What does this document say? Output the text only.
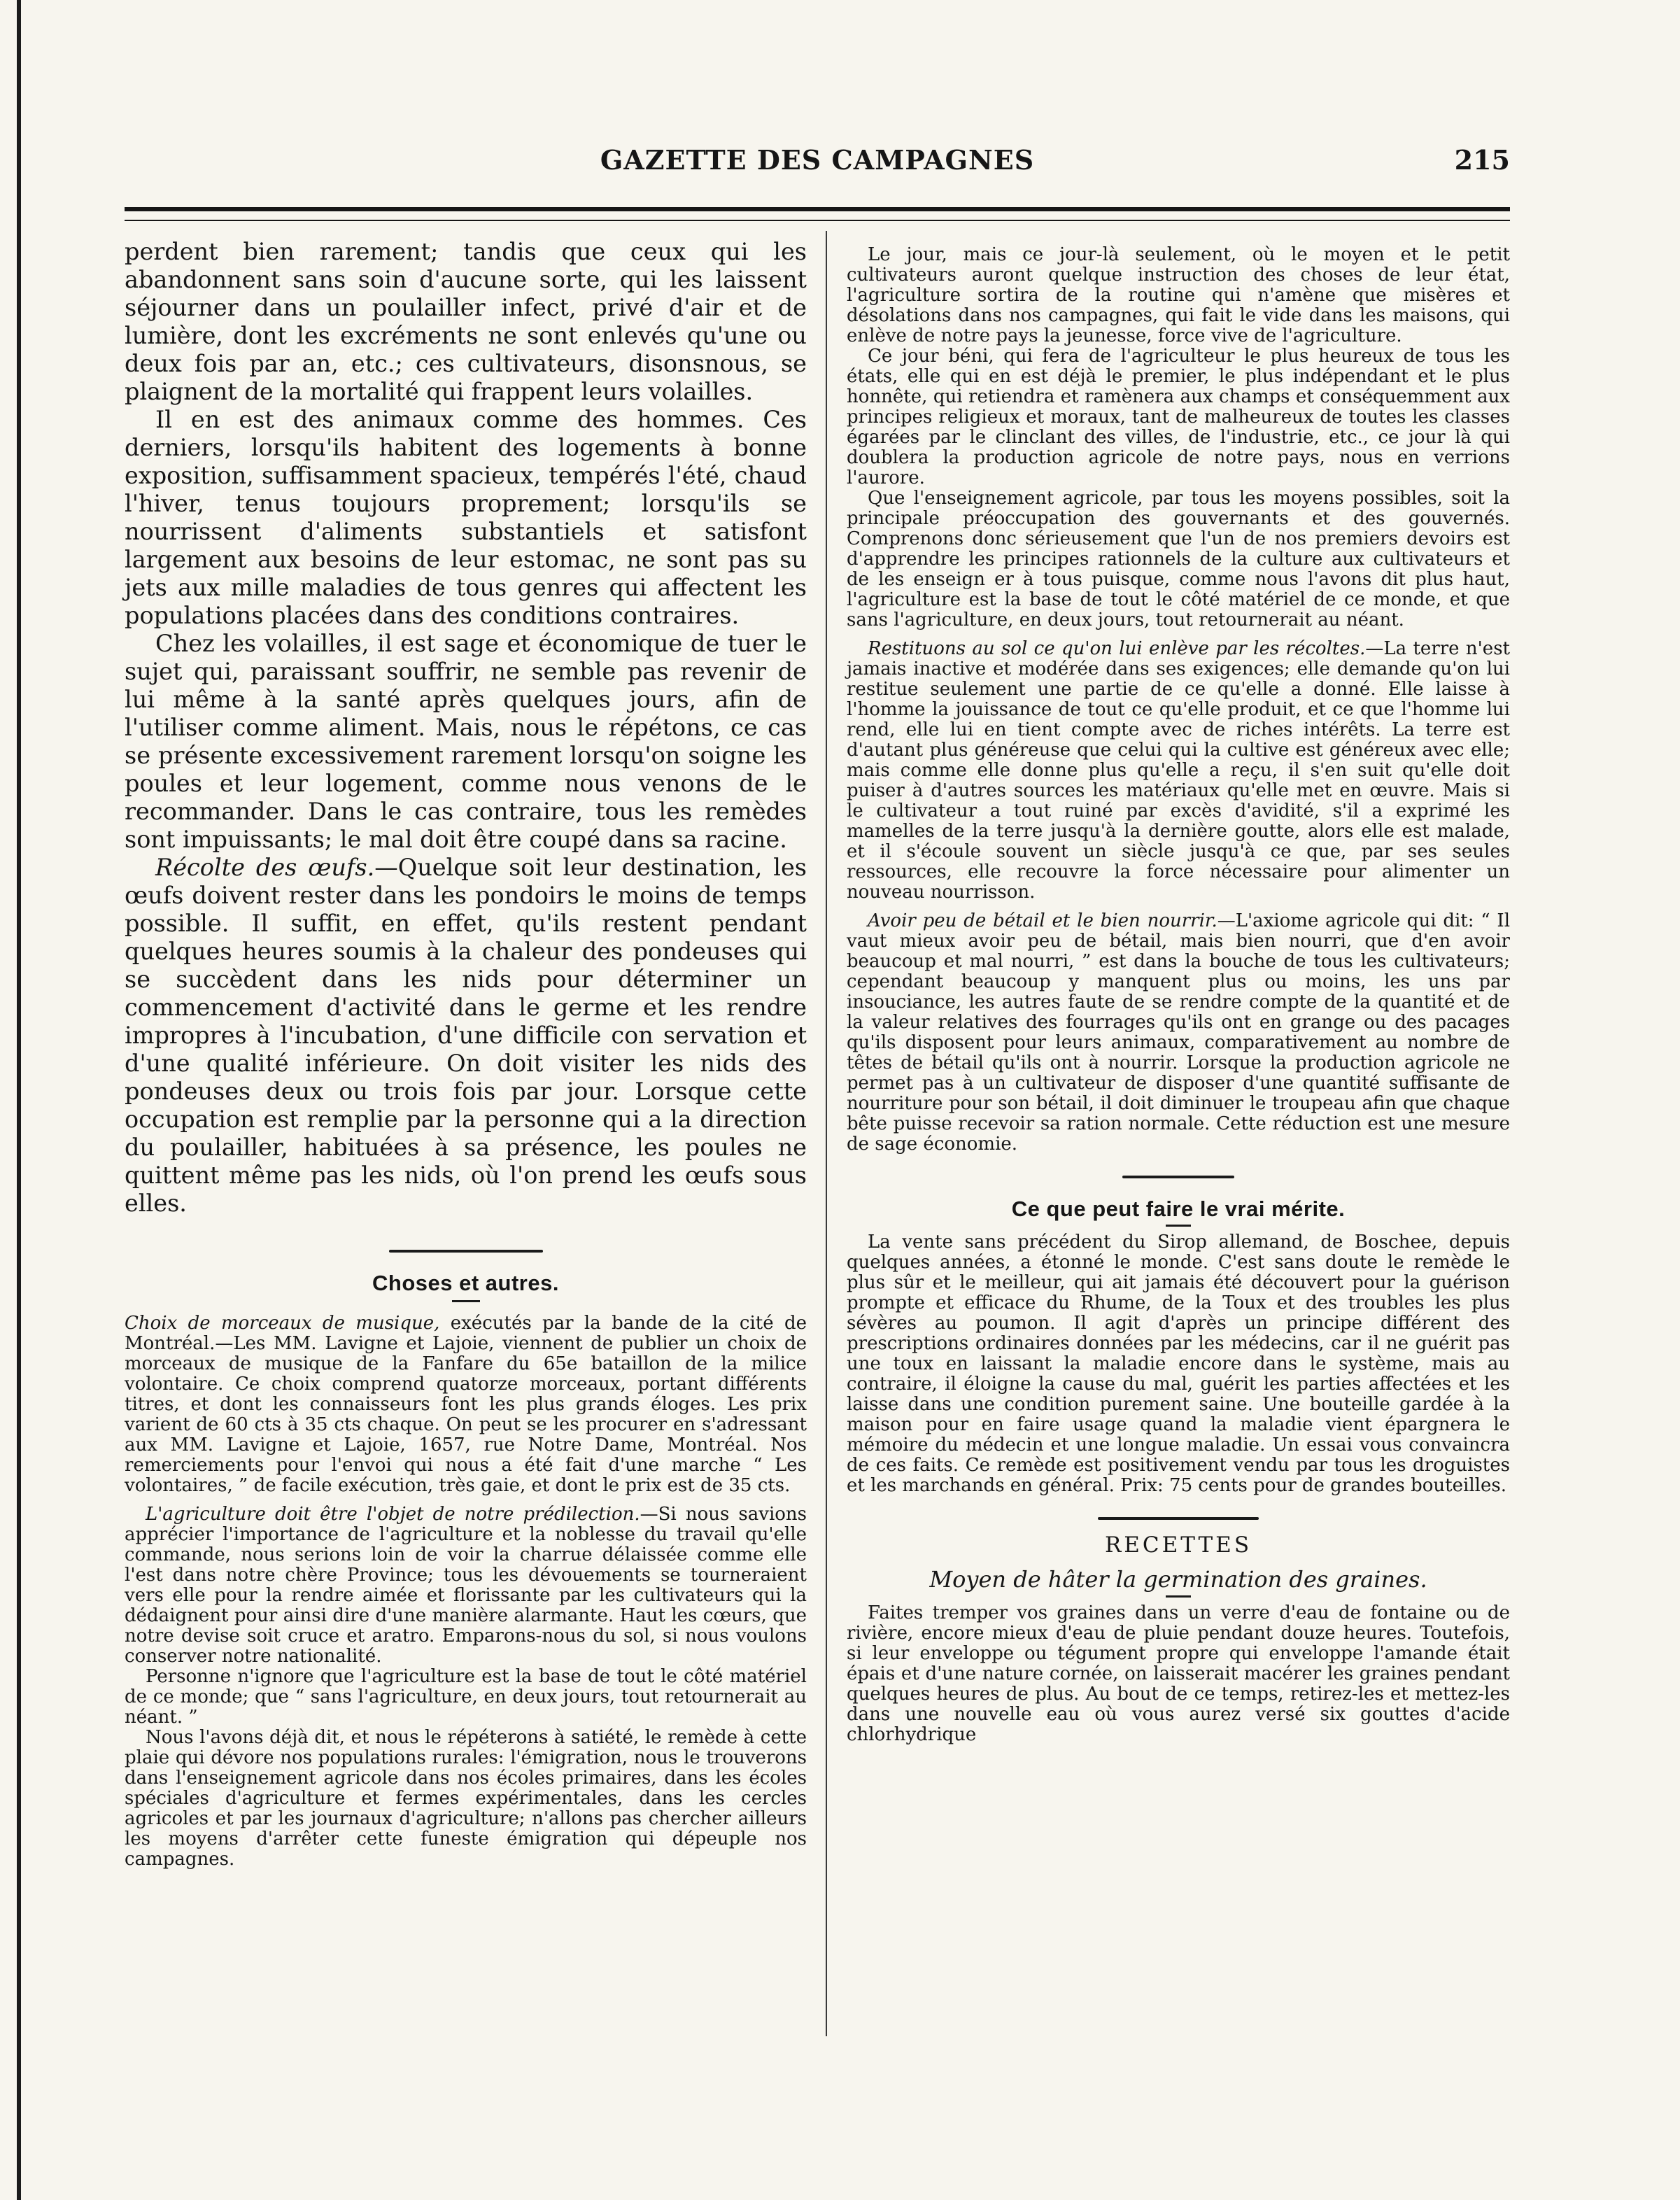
GAZETTE DES CAMPAGNES	215

perdent bien rarement; tandis que ceux qui les abandonnent sans soin d'aucune sorte, qui les laissent séjourner dans un poulailler infect, privé d'air et de lumière, dont les excréments ne sont enlevés qu'une ou deux fois par an, etc.; ces cultivateurs, disonsnous, se plaignent de la mortalité qui frappent leurs volailles.

Il en est des animaux comme des hommes. Ces derniers, lorsqu'ils habitent des logements à bonne exposition, suffisamment spacieux, tempérés l'été, chaud l'hiver, tenus toujours proprement; lorsqu'ils se nourrissent d'aliments substantiels et satisfont largement aux besoins de leur estomac, ne sont pas su jets aux mille maladies de tous genres qui affectent les populations placées dans des conditions contraires.

Chez les volailles, il est sage et économique de tuer le sujet qui, paraissant souffrir, ne semble pas revenir de lui même à la santé après quelques jours, afin de l'utiliser comme aliment. Mais, nous le répétons, ce cas se présente excessivement rarement lorsqu'on soigne les poules et leur logement, comme nous venons de le recommander. Dans le cas contraire, tous les remèdes sont impuissants; le mal doit être coupé dans sa racine.

Récolte des œufs.—Quelque soit leur destination, les œufs doivent rester dans les pondoirs le moins de temps possible. Il suffit, en effet, qu'ils restent pendant quelques heures soumis à la chaleur des pondeuses qui se succèdent dans les nids pour déterminer un commencement d'activité dans le germe et les rendre impropres à l'incubation, d'une difficile con servation et d'une qualité inférieure. On doit visiter les nids des pondeuses deux ou trois fois par jour. Lorsque cette occupation est remplie par la personne qui a la direction du poulailler, habituées à sa présence, les poules ne quittent même pas les nids, où l'on prend les œufs sous elles.

Choses et autres.

Choix de morceaux de musique, exécutés par la bande de la cité de Montréal.—Les MM. Lavigne et Lajoie, viennent de publier un choix de morceaux de musique de la Fanfare du 65e bataillon de la milice volontaire. Ce choix comprend quatorze morceaux, portant différents titres, et dont les connaisseurs font les plus grands éloges. Les prix varient de 60 cts à 35 cts chaque. On peut se les procurer en s'adressant aux MM. Lavigne et Lajoie, 1657, rue Notre Dame, Montréal. Nos remerciements pour l'envoi qui nous a été fait d'une marche “ Les volontaires, ” de facile exécution, très gaie, et dont le prix est de 35 cts.

L'agriculture doit être l'objet de notre prédilection.—Si nous savions apprécier l'importance de l'agriculture et la noblesse du travail qu'elle commande, nous serions loin de voir la charrue délaissée comme elle l'est dans notre chère Province; tous les dévouements se tourneraient vers elle pour la rendre aimée et florissante par les cultivateurs qui la dédaignent pour ainsi dire d'une manière alarmante. Haut les cœurs, que notre devise soit cruce et aratro. Emparons-nous du sol, si nous voulons conserver notre nationalité.

Personne n'ignore que l'agriculture est la base de tout le côté matériel de ce monde; que “ sans l'agriculture, en deux jours, tout retournerait au néant. ”

Nous l'avons déjà dit, et nous le répéterons à satiété, le remède à cette plaie qui dévore nos populations rurales: l'émigration, nous le trouverons dans l'enseignement agricole dans nos écoles primaires, dans les écoles spéciales d'agriculture et fermes expérimentales, dans les cercles agricoles et par les journaux d'agriculture; n'allons pas chercher ailleurs les moyens d'arrêter cette funeste émigration qui dépeuple nos campagnes.

Le jour, mais ce jour-là seulement, où le moyen et le petit cultivateurs auront quelque instruction des choses de leur état, l'agriculture sortira de la routine qui n'amène que misères et désolations dans nos campagnes, qui fait le vide dans les maisons, qui enlève de notre pays la jeunesse, force vive de l'agriculture.

Ce jour béni, qui fera de l'agriculteur le plus heureux de tous les états, elle qui en est déjà le premier, le plus indépendant et le plus honnête, qui retiendra et ramènera aux champs et conséquemment aux principes religieux et moraux, tant de malheureux de toutes les classes égarées par le clinclant des villes, de l'industrie, etc., ce jour là qui doublera la production agricole de notre pays, nous en verrions l'aurore.

Que l'enseignement agricole, par tous les moyens possibles, soit la principale préoccupation des gouvernants et des gouvernés. Comprenons donc sérieusement que l'un de nos premiers devoirs est d'apprendre les principes rationnels de la culture aux cultivateurs et de les enseign er à tous puisque, comme nous l'avons dit plus haut, l'agriculture est la base de tout le côté matériel de ce monde, et que sans l'agriculture, en deux jours, tout retournerait au néant.

Restituons au sol ce qu'on lui enlève par les récoltes.—La terre n'est jamais inactive et modérée dans ses exigences; elle demande qu'on lui restitue seulement une partie de ce qu'elle a donné. Elle laisse à l'homme la jouissance de tout ce qu'elle produit, et ce que l'homme lui rend, elle lui en tient compte avec de riches intérêts. La terre est d'autant plus généreuse que celui qui la cultive est généreux avec elle; mais comme elle donne plus qu'elle a reçu, il s'en suit qu'elle doit puiser à d'autres sources les matériaux qu'elle met en œuvre. Mais si le cultivateur a tout ruiné par excès d'avidité, s'il a exprimé les mamelles de la terre jusqu'à la dernière goutte, alors elle est malade, et il s'écoule souvent un siècle jusqu'à ce que, par ses seules ressources, elle recouvre la force nécessaire pour alimenter un nouveau nourrisson.

Avoir peu de bétail et le bien nourrir.—L'axiome agricole qui dit: “ Il vaut mieux avoir peu de bétail, mais bien nourri, que d'en avoir beaucoup et mal nourri, ” est dans la bouche de tous les cultivateurs; cependant beaucoup y manquent plus ou moins, les uns par insouciance, les autres faute de se rendre compte de la quantité et de la valeur relatives des fourrages qu'ils ont en grange ou des pacages qu'ils disposent pour leurs animaux, comparativement au nombre de têtes de bétail qu'ils ont à nourrir. Lorsque la production agricole ne permet pas à un cultivateur de disposer d'une quantité suffisante de nourriture pour son bétail, il doit diminuer le troupeau afin que chaque bête puisse recevoir sa ration normale. Cette réduction est une mesure de sage économie.

Ce que peut faire le vrai mérite.

La vente sans précédent du Sirop allemand, de Boschee, depuis quelques années, a étonné le monde. C'est sans doute le remède le plus sûr et le meilleur, qui ait jamais été découvert pour la guérison prompte et efficace du Rhume, de la Toux et des troubles les plus sévères au poumon. Il agit d'après un principe différent des prescriptions ordinaires données par les médecins, car il ne guérit pas une toux en laissant la maladie encore dans le système, mais au contraire, il éloigne la cause du mal, guérit les parties affectées et les laisse dans une condition purement saine. Une bouteille gardée à la maison pour en faire usage quand la maladie vient épargnera le mémoire du médecin et une longue maladie. Un essai vous convaincra de ces faits. Ce remède est positivement vendu par tous les droguistes et les marchands en général. Prix: 75 cents pour de grandes bouteilles.

RECETTES
Moyen de hâter la germination des graines.

Faites tremper vos graines dans un verre d'eau de fontaine ou de rivière, encore mieux d'eau de pluie pendant douze heures. Toutefois, si leur enveloppe ou tégument propre qui enveloppe l'amande était épais et d'une nature cornée, on laisserait macérer les graines pendant quelques heures de plus. Au bout de ce temps, retirez-les et mettez-les dans une nouvelle eau où vous aurez versé six gouttes d'acide chlorhydrique
